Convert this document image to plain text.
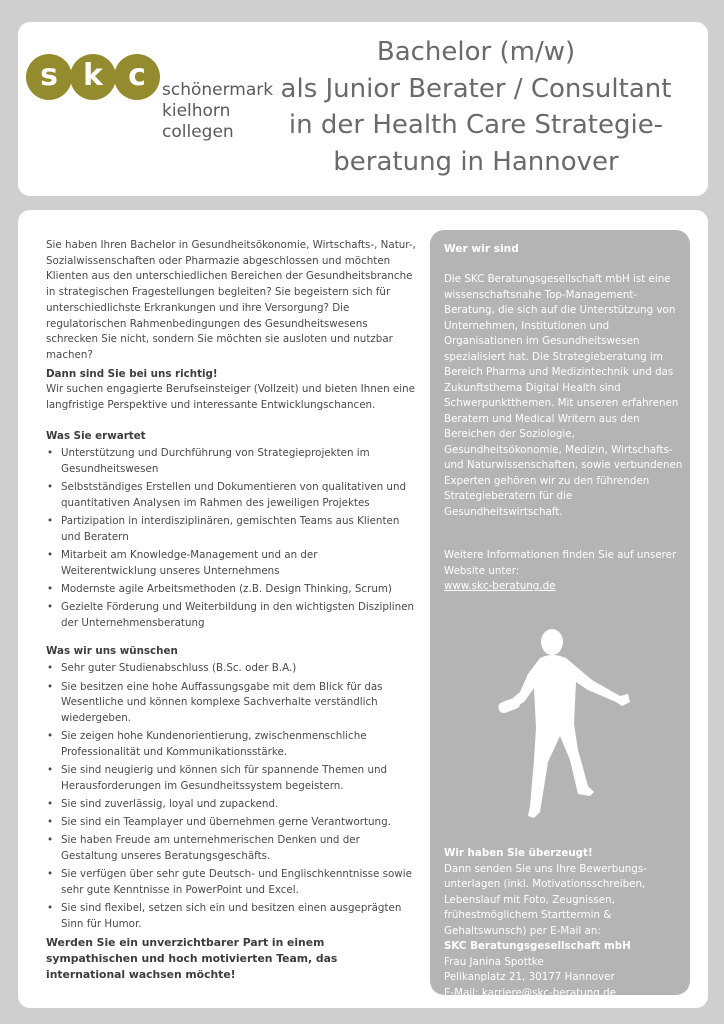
s k c schönermark
kielhorn
collegen
Bachelor (m/w)
als Junior Berater / Consultant
in der Health Care Strategie-
beratung in Hannover

Sie haben Ihren Bachelor in Gesundheitsökonomie, Wirtschafts-, Natur-, Sozialwissenschaften oder Pharmazie abgeschlossen und möchten Klienten aus den unterschiedlichen Bereichen der Gesundheitsbranche in strategischen Fragestellungen begleiten? Sie begeistern sich für unterschiedlichste Erkrankungen und ihre Versorgung? Die regulatorischen Rahmenbedingungen des Gesundheitswesens schrecken Sie nicht, sondern Sie möchten sie ausloten und nutzbar machen?

Dann sind Sie bei uns richtig!

Wir suchen engagierte Berufseinsteiger (Vollzeit) und bieten Ihnen eine langfristige Perspektive und interessante Entwicklungschancen.

Was Sie erwartet
• Unterstützung und Durchführung von Strategieprojekten im Gesundheitswesen
• Selbstständiges Erstellen und Dokumentieren von qualitativen und quantitativen Analysen im Rahmen des jeweiligen Projektes
• Partizipation in interdisziplinären, gemischten Teams aus Klienten und Beratern
• Mitarbeit am Knowledge-Management und an der Weiterentwicklung unseres Unternehmens
• Modernste agile Arbeitsmethoden (z.B. Design Thinking, Scrum)
• Gezielte Förderung und Weiterbildung in den wichtigsten Disziplinen der Unternehmensberatung
Was wir uns wünschen
• Sehr guter Studienabschluss (B.Sc. oder B.A.)
• Sie besitzen eine hohe Auffassungsgabe mit dem Blick für das Wesentliche und können komplexe Sachverhalte verständlich wiedergeben.
• Sie zeigen hohe Kundenorientierung, zwischenmenschliche Professionalität und Kommunikationsstärke.
• Sie sind neugierig und können sich für spannende Themen und Herausforderungen im Gesundheitssystem begeistern.
• Sie sind zuverlässig, loyal und zupackend.
• Sie sind ein Teamplayer und übernehmen gerne Verantwortung.
• Sie haben Freude am unternehmerischen Denken und der Gestaltung unseres Beratungsgeschäfts.
• Sie verfügen über sehr gute Deutsch- und Englischkenntnisse sowie sehr gute Kenntnisse in PowerPoint und Excel.
• Sie sind flexibel, setzen sich ein und besitzen einen ausgeprägten Sinn für Humor.

Werden Sie ein unverzichtbarer Part in einem sympathischen und hoch motivierten Team, das international wachsen möchte!

Wer wir sind

Die SKC Beratungsgesellschaft mbH ist eine wissenschaftsnahe Top-Management-Beratung, die sich auf die Unterstützung von Unternehmen, Institutionen und Organisationen im Gesundheitswesen spezialisiert hat. Die Strategieberatung im Bereich Pharma und Medizintechnik und das Zukunftsthema Digital Health sind Schwerpunktthemen. Mit unseren erfahrenen Beratern und Medical Writern aus den Bereichen der Soziologie, Gesundheitsökonomie, Medizin, Wirtschafts- und Naturwissenschaften, sowie verbundenen Experten gehören wir zu den führenden Strategieberatern für die Gesundheitswirtschaft.

Weitere Informationen finden Sie auf unserer Website unter:

www.skc-beratung.de

Wir haben Sie überzeugt!

Dann senden Sie uns Ihre Bewerbungs-unterlagen (inkl. Motivationsschreiben, Lebenslauf mit Foto, Zeugnissen, frühestmöglichem Starttermin & Gehaltswunsch) per E-Mail an:

SKC Beratungsgesellschaft mbH

Frau Janina Spottke

Pelikanplatz 21, 30177 Hannover

E-Mail: karriere@skc-beratung.de
